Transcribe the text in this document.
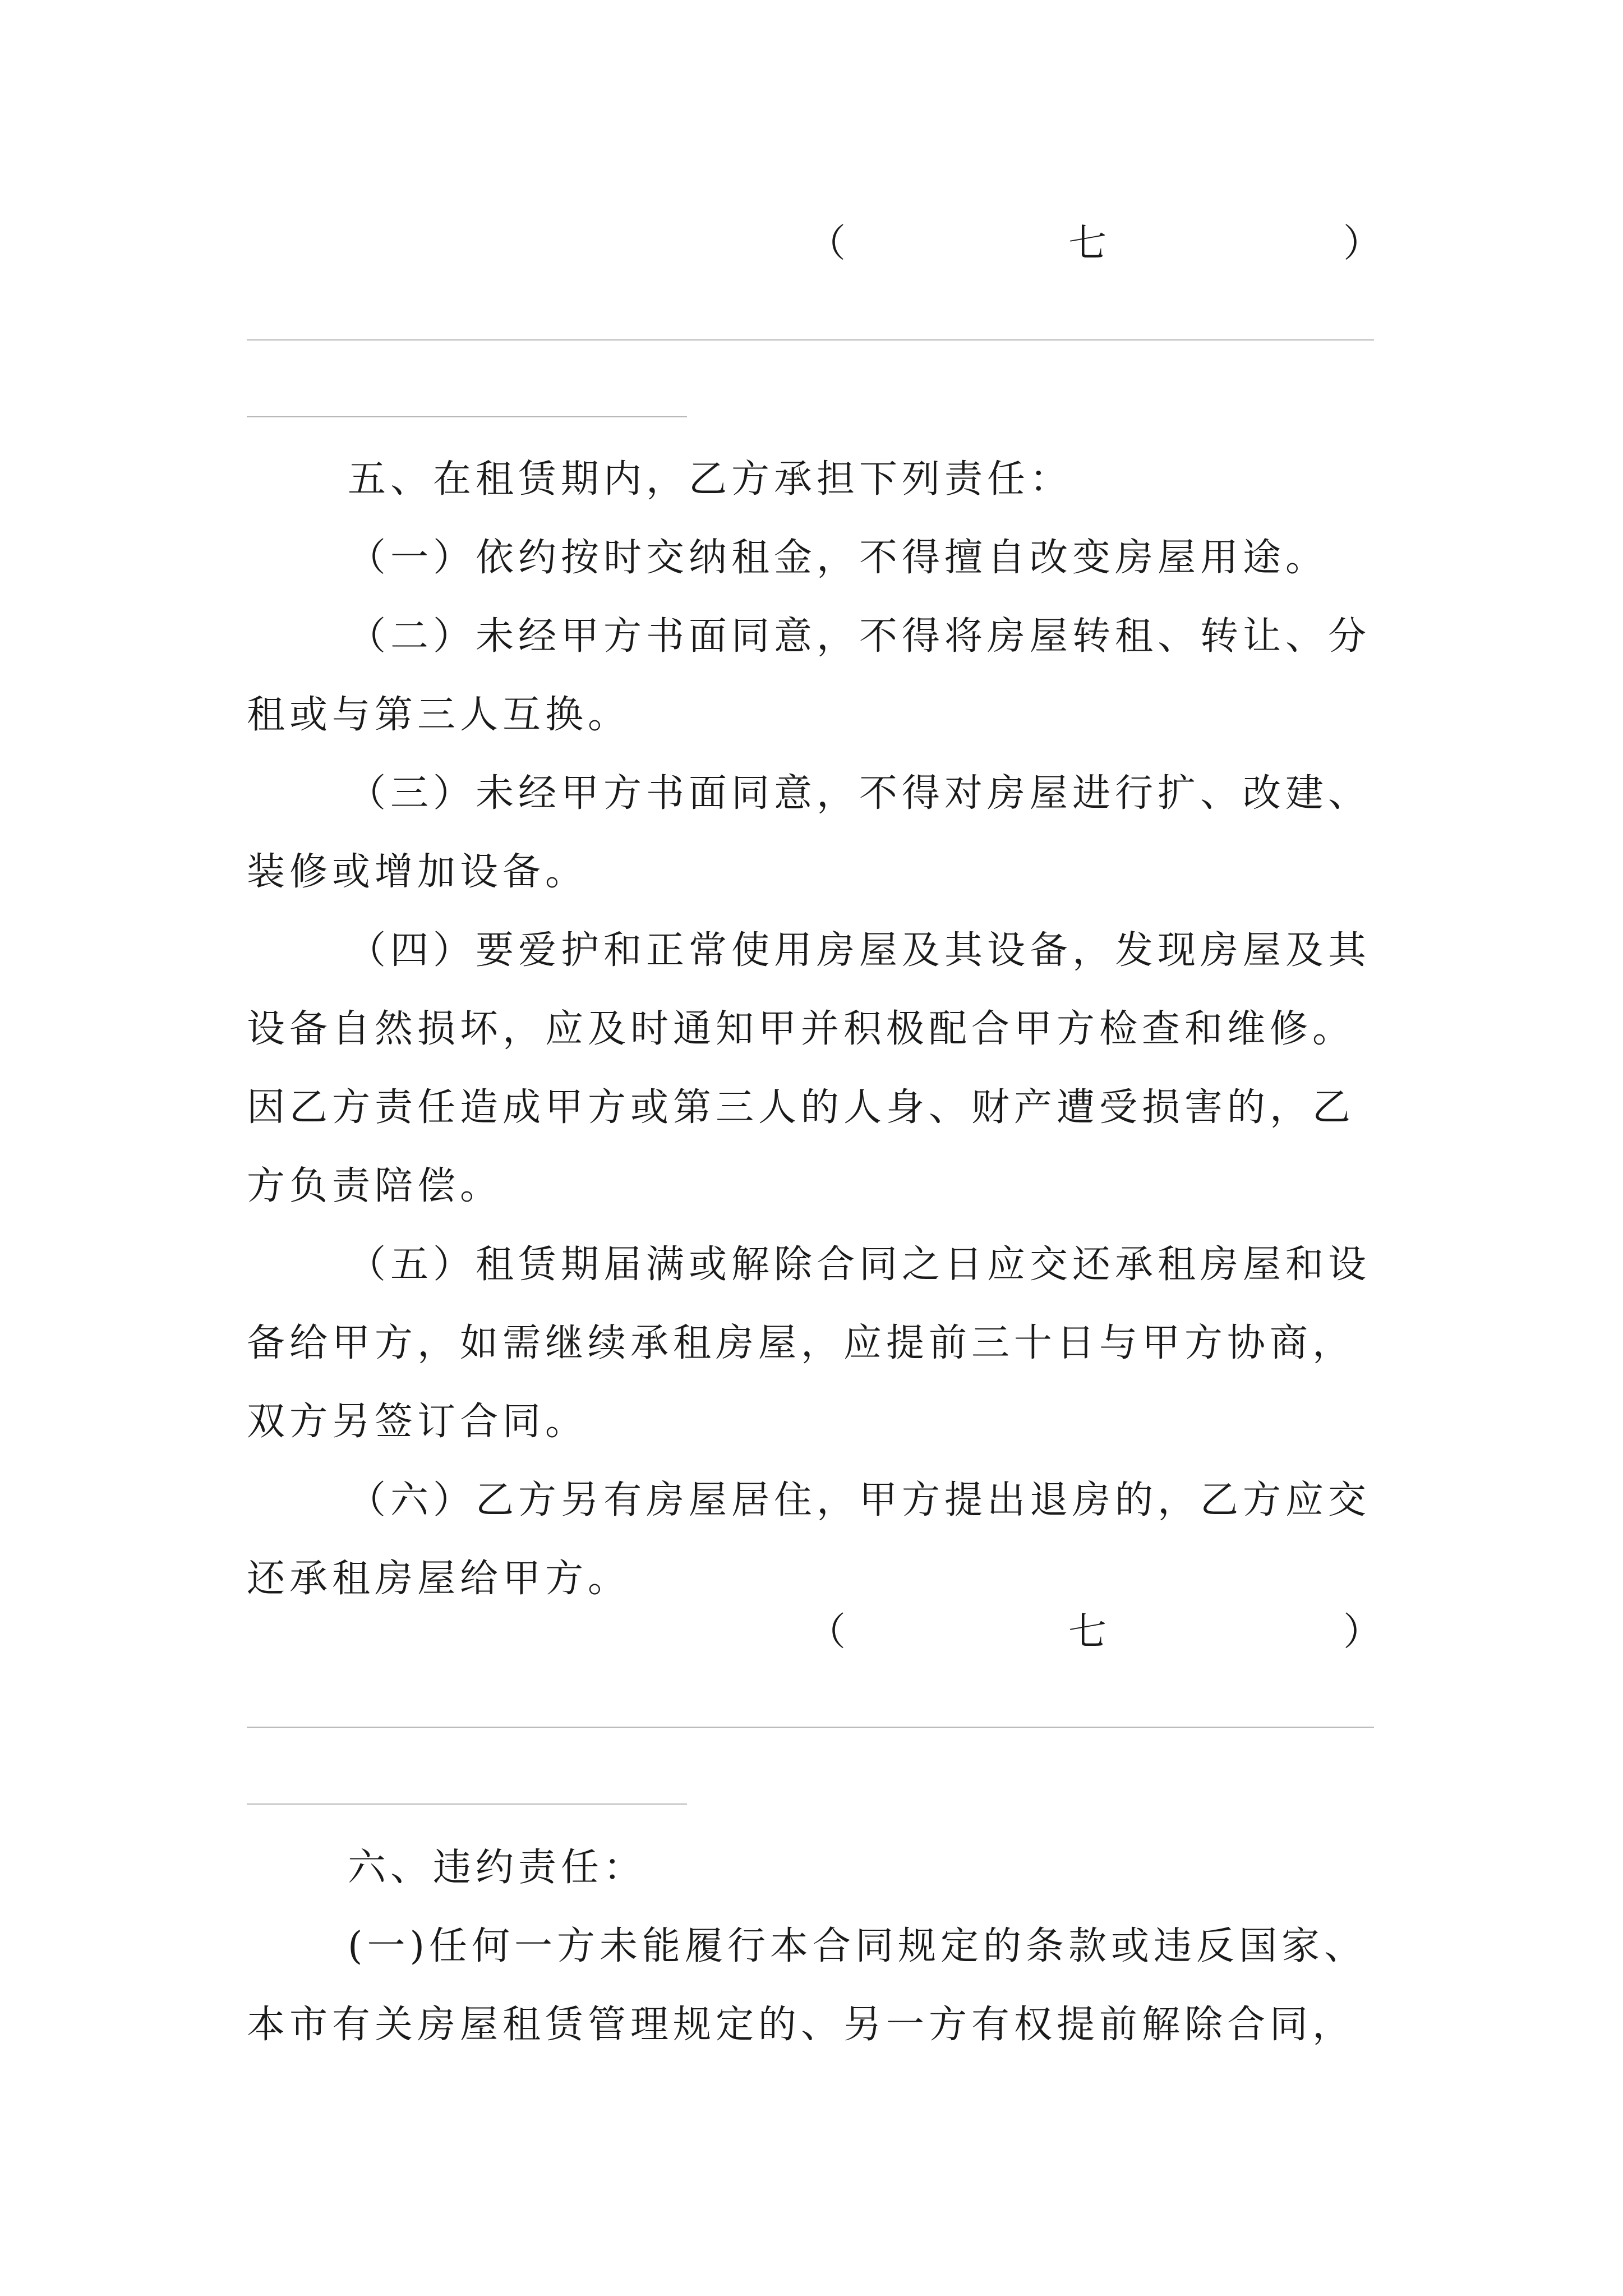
（	七	）
五、在租赁期内，乙方承担下列责任：

（一）依约按时交纳租金，不得擅自改变房屋用途。

（二）未经甲方书面同意，不得将房屋转租、转让、分租或与第三人互换。

（三）未经甲方书面同意，不得对房屋进行扩、改建、装修或增加设备。

（四）要爱护和正常使用房屋及其设备，发现房屋及其设备自然损坏，应及时通知甲并积极配合甲方检查和维修。因乙方责任造成甲方或第三人的人身、财产遭受损害的，乙方负责陪偿。

（五）租赁期届满或解除合同之日应交还承租房屋和设备给甲方，如需继续承租房屋，应提前三十日与甲方协商，双方另签订合同。

（六）乙方另有房屋居住，甲方提出退房的，乙方应交还承租房屋给甲方。

（	七	）
六、违约责任：

(一)任何一方未能履行本合同规定的条款或违反国家、本市有关房屋租赁管理规定的、另一方有权提前解除合同，
